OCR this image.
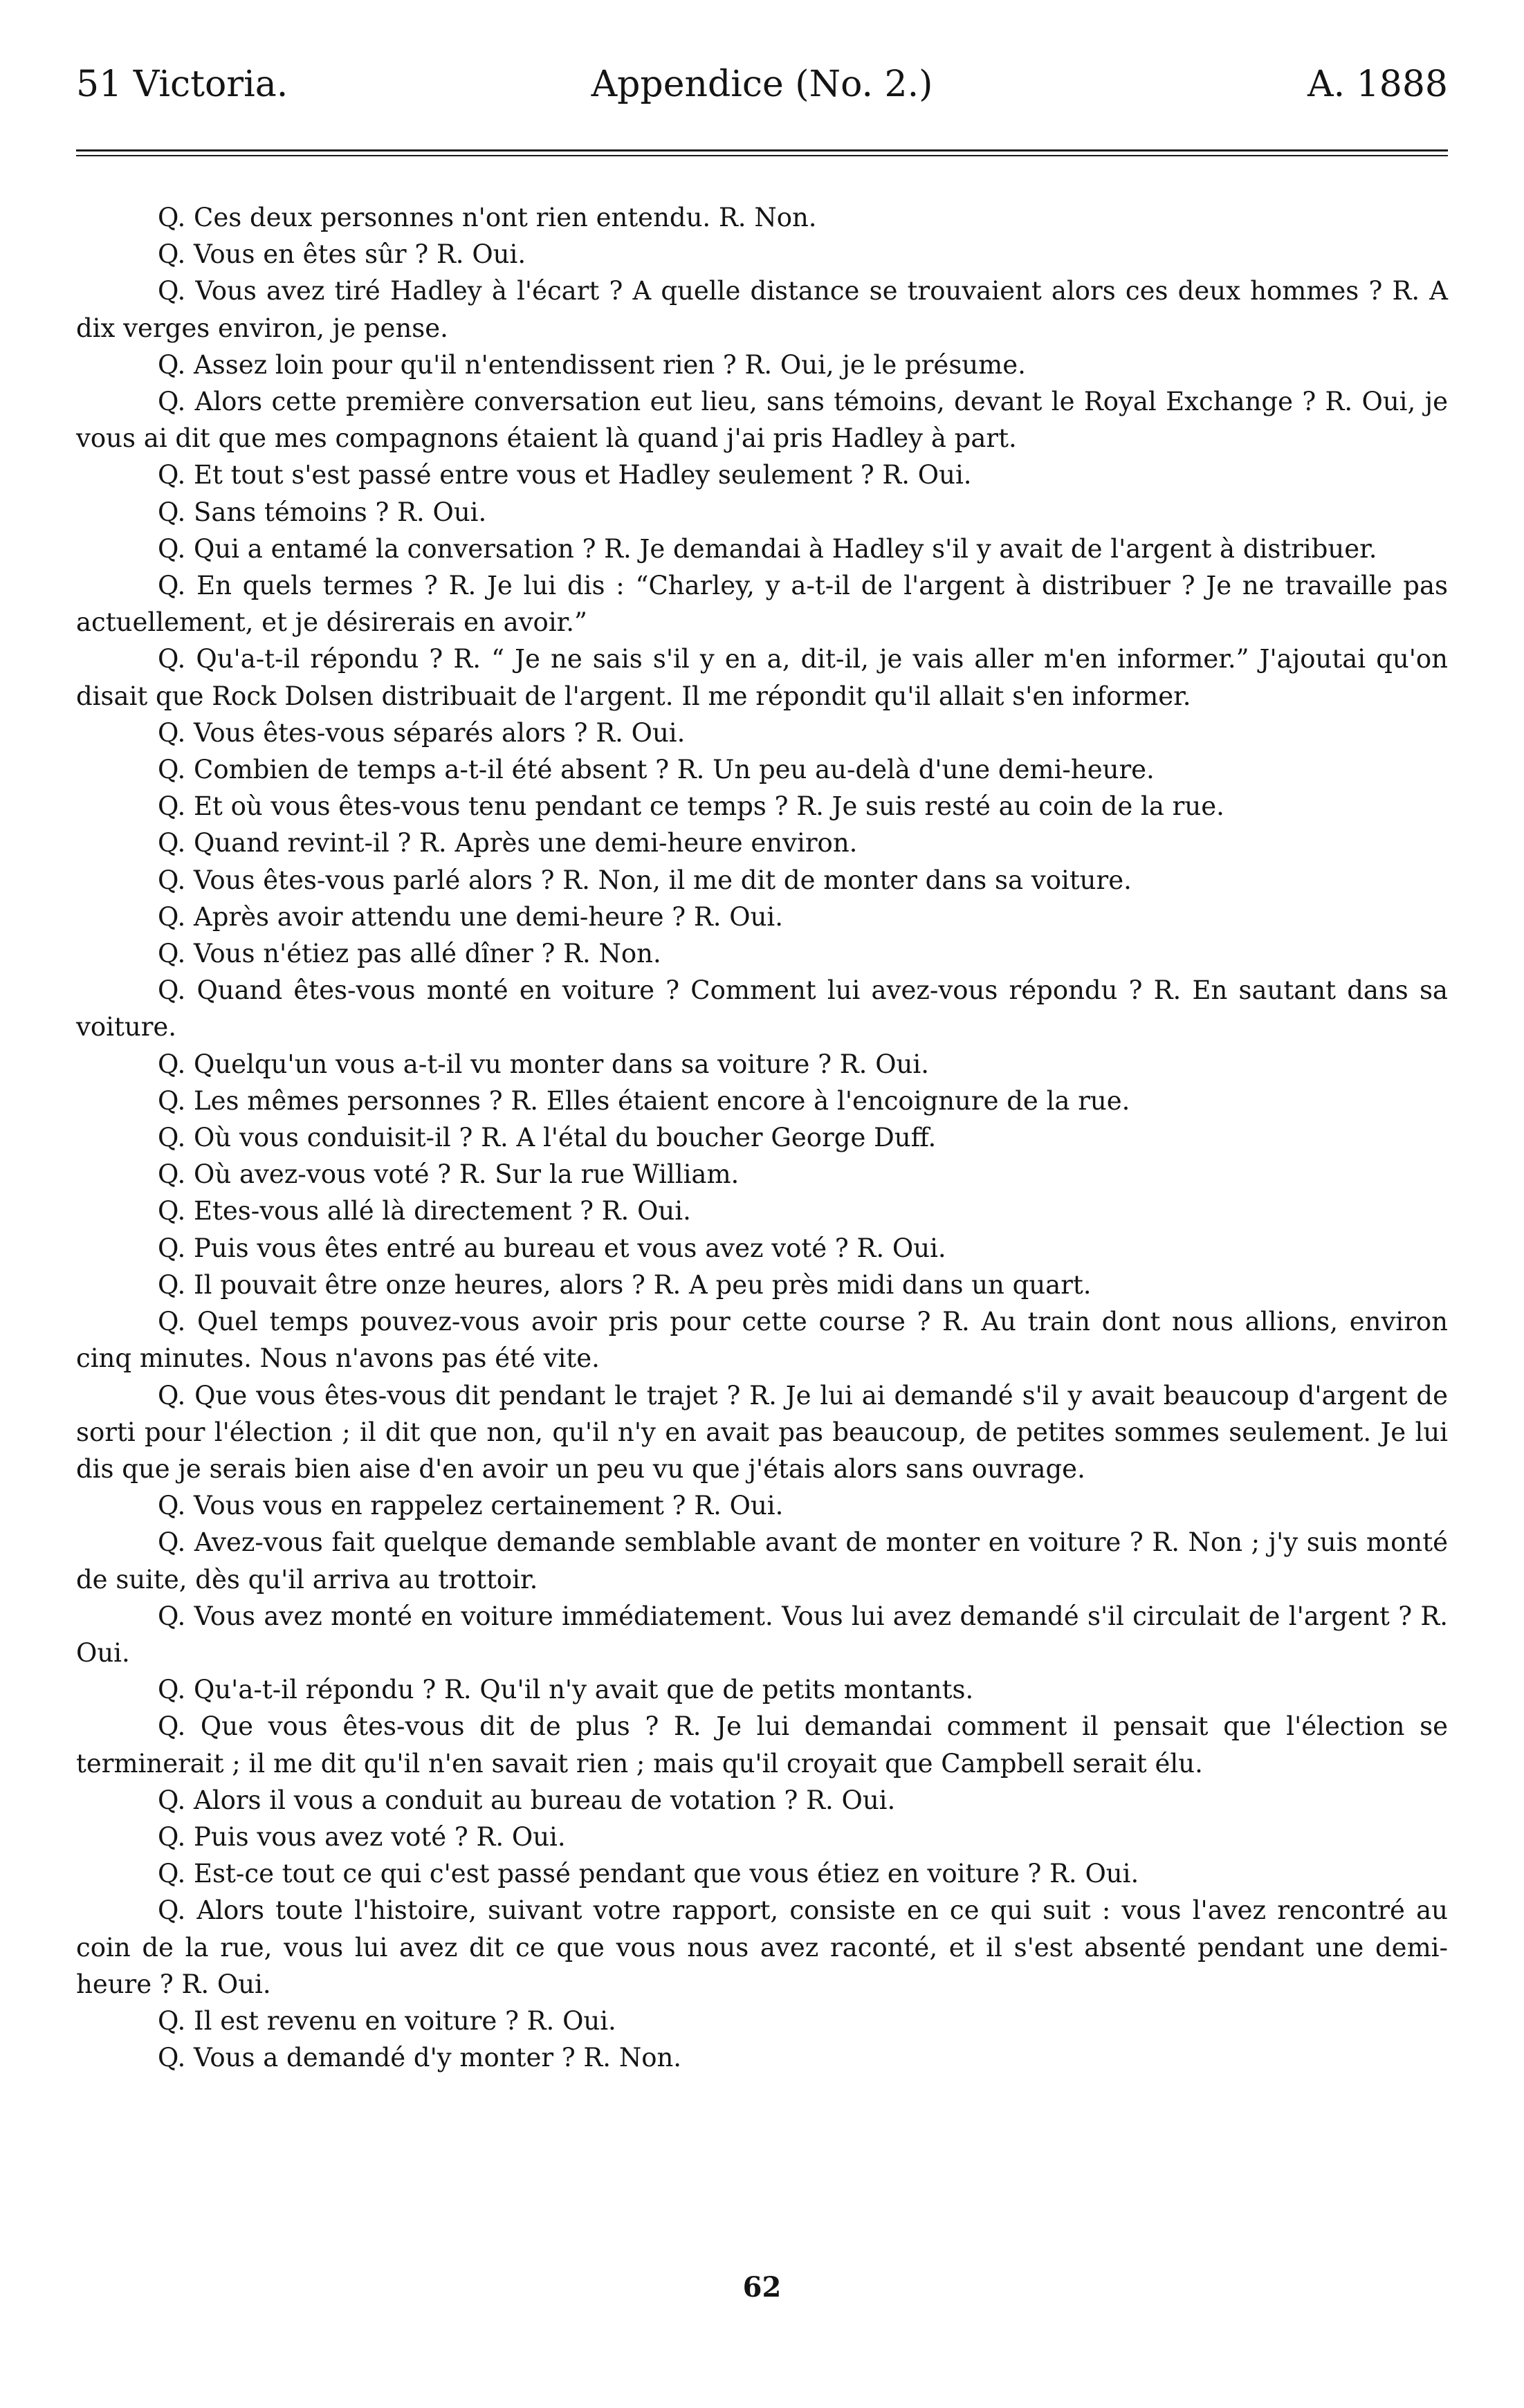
51 Victoria.	Appendice (No. 2.)	A. 1888

Q. Ces deux personnes n'ont rien entendu. R. Non.

Q. Vous en êtes sûr ? R. Oui.

Q. Vous avez tiré Hadley à l'écart ? A quelle distance se trouvaient alors ces deux hommes ? R. A dix verges environ, je pense.

Q. Assez loin pour qu'il n'entendissent rien ? R. Oui, je le présume.

Q. Alors cette première conversation eut lieu, sans témoins, devant le Royal Exchange ? R. Oui, je vous ai dit que mes compagnons étaient là quand j'ai pris Hadley à part.

Q. Et tout s'est passé entre vous et Hadley seulement ? R. Oui.

Q. Sans témoins ? R. Oui.

Q. Qui a entamé la conversation ? R. Je demandai à Hadley s'il y avait de l'argent à distribuer.

Q. En quels termes ? R. Je lui dis : “Charley, y a-t-il de l'argent à distribuer ? Je ne travaille pas actuellement, et je désirerais en avoir.”

Q. Qu'a-t-il répondu ? R. “ Je ne sais s'il y en a, dit-il, je vais aller m'en informer.” J'ajoutai qu'on disait que Rock Dolsen distribuait de l'argent. Il me répondit qu'il allait s'en informer.

Q. Vous êtes-vous séparés alors ? R. Oui.

Q. Combien de temps a-t-il été absent ? R. Un peu au-delà d'une demi-heure.

Q. Et où vous êtes-vous tenu pendant ce temps ? R. Je suis resté au coin de la rue.

Q. Quand revint-il ? R. Après une demi-heure environ.

Q. Vous êtes-vous parlé alors ? R. Non, il me dit de monter dans sa voiture.

Q. Après avoir attendu une demi-heure ? R. Oui.

Q. Vous n'étiez pas allé dîner ? R. Non.

Q. Quand êtes-vous monté en voiture ? Comment lui avez-vous répondu ? R. En sautant dans sa voiture.

Q. Quelqu'un vous a-t-il vu monter dans sa voiture ? R. Oui.

Q. Les mêmes personnes ? R. Elles étaient encore à l'encoignure de la rue.

Q. Où vous conduisit-il ? R. A l'étal du boucher George Duff.

Q. Où avez-vous voté ? R. Sur la rue William.

Q. Etes-vous allé là directement ? R. Oui.

Q. Puis vous êtes entré au bureau et vous avez voté ? R. Oui.

Q. Il pouvait être onze heures, alors ? R. A peu près midi dans un quart.

Q. Quel temps pouvez-vous avoir pris pour cette course ? R. Au train dont nous allions, environ cinq minutes. Nous n'avons pas été vite.

Q. Que vous êtes-vous dit pendant le trajet ? R. Je lui ai demandé s'il y avait beaucoup d'argent de sorti pour l'élection ; il dit que non, qu'il n'y en avait pas beaucoup, de petites sommes seulement. Je lui dis que je serais bien aise d'en avoir un peu vu que j'étais alors sans ouvrage.

Q. Vous vous en rappelez certainement ? R. Oui.

Q. Avez-vous fait quelque demande semblable avant de monter en voiture ? R. Non ; j'y suis monté de suite, dès qu'il arriva au trottoir.

Q. Vous avez monté en voiture immédiatement. Vous lui avez demandé s'il circulait de l'argent ? R. Oui.

Q. Qu'a-t-il répondu ? R. Qu'il n'y avait que de petits montants.

Q. Que vous êtes-vous dit de plus ? R. Je lui demandai comment il pensait que l'élection se terminerait ; il me dit qu'il n'en savait rien ; mais qu'il croyait que Campbell serait élu.

Q. Alors il vous a conduit au bureau de votation ? R. Oui.

Q. Puis vous avez voté ? R. Oui.

Q. Est-ce tout ce qui c'est passé pendant que vous étiez en voiture ? R. Oui.

Q. Alors toute l'histoire, suivant votre rapport, consiste en ce qui suit : vous l'avez rencontré au coin de la rue, vous lui avez dit ce que vous nous avez raconté, et il s'est absenté pendant une demi-heure ? R. Oui.

Q. Il est revenu en voiture ? R. Oui.

Q. Vous a demandé d'y monter ? R. Non.

62
